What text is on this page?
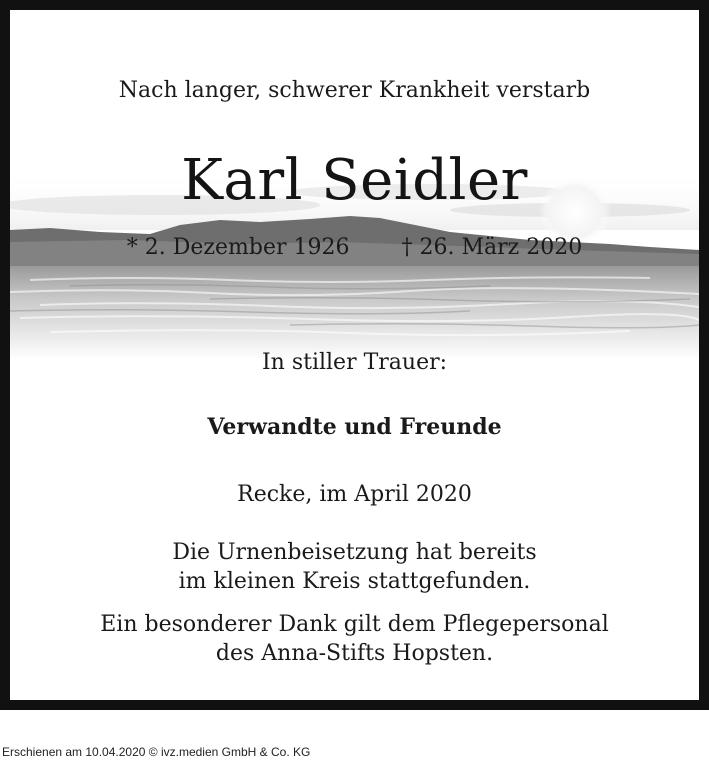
Nach langer, schwerer Krankheit verstarb
Karl Seidler
* 2. Dezember 1926 † 26. März 2020
In stiller Trauer:
Verwandte und Freunde
Recke, im April 2020
Die Urnenbeisetzung hat bereits
im kleinen Kreis stattgefunden.
Ein besonderer Dank gilt dem Pflegepersonal
des Anna-Stifts Hopsten.
Erschienen am 10.04.2020 © ivz.medien GmbH & Co. KG
